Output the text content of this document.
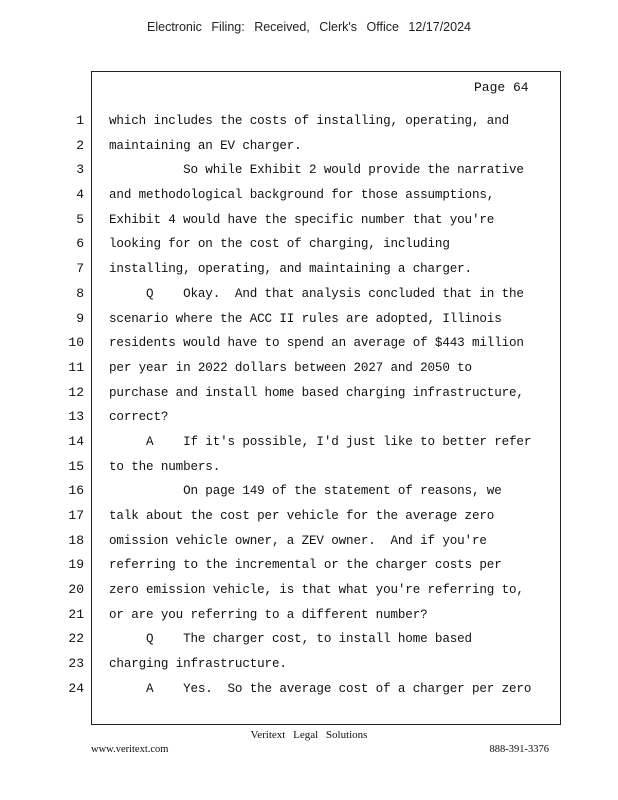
Electronic Filing: Received, Clerk's Office 12/17/2024
Page 64
1
2
3
4
5
6
7
8
9
10
11
12
13
14
15
16
17
18
19
20
21
22
23
24
which includes the costs of installing, operating, and
maintaining an EV charger.
So while Exhibit 2 would provide the narrative
and methodological background for those assumptions,
Exhibit 4 would have the specific number that you're
looking for on the cost of charging, including
installing, operating, and maintaining a charger.
Q    Okay.  And that analysis concluded that in the
scenario where the ACC II rules are adopted, Illinois
residents would have to spend an average of $443 million
per year in 2022 dollars between 2027 and 2050 to
purchase and install home based charging infrastructure,
correct?
A    If it's possible, I'd just like to better refer
to the numbers.
On page 149 of the statement of reasons, we
talk about the cost per vehicle for the average zero
omission vehicle owner, a ZEV owner.  And if you're
referring to the incremental or the charger costs per
zero emission vehicle, is that what you're referring to,
or are you referring to a different number?
Q    The charger cost, to install home based
charging infrastructure.
A    Yes.  So the average cost of a charger per zero
Veritext Legal Solutions
www.veritext.com	888-391-3376
